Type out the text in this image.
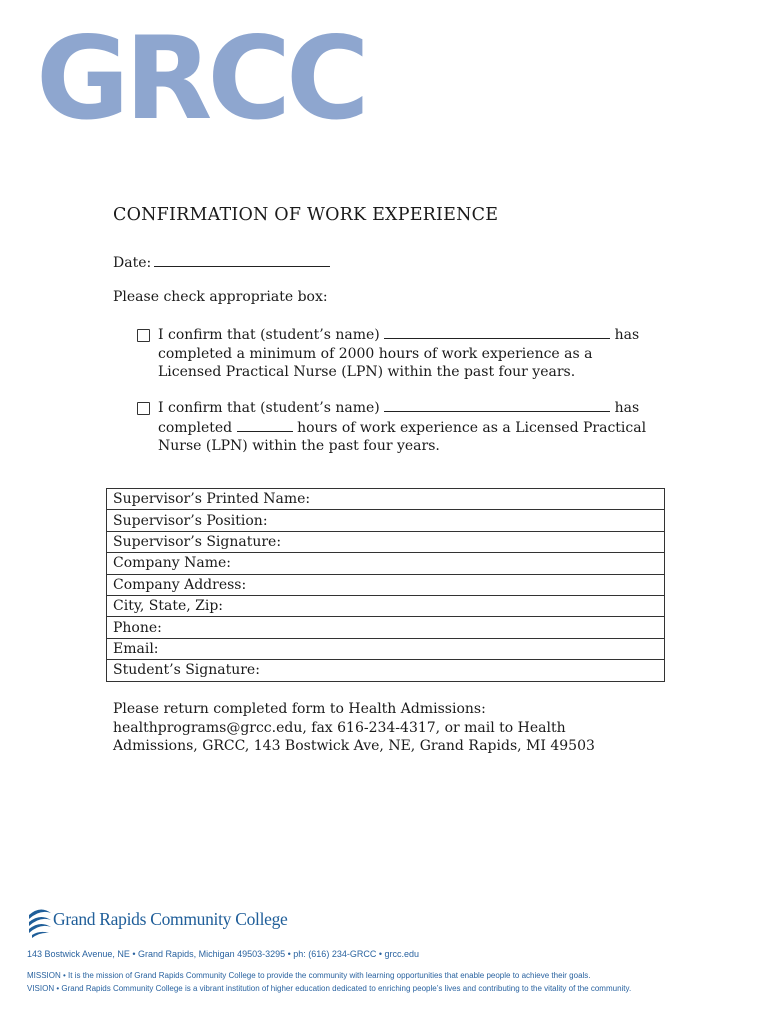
GRCC
CONFIRMATION OF WORK EXPERIENCE
Date:
Please check appropriate box:
I confirm that (student’s name)	has completed a minimum of 2000 hours of work experience as a Licensed Practical Nurse (LPN) within the past four years.
I confirm that (student’s name)	has completed	hours of work experience as a Licensed Practical Nurse (LPN) within the past four years.
Supervisor’s Printed Name:
Supervisor’s Position:
Supervisor’s Signature:
Company Name:
Company Address:
City, State, Zip:
Phone:
Email:
Student’s Signature:
Please return completed form to Health Admissions: healthprograms@grcc.edu, fax 616-234-4317, or mail to Health Admissions, GRCC, 143 Bostwick Ave, NE, Grand Rapids, MI 49503
Grand Rapids Community College
143 Bostwick Avenue, NE • Grand Rapids, Michigan 49503-3295 • ph: (616) 234-GRCC • grcc.edu
MISSION • It is the mission of Grand Rapids Community College to provide the community with learning opportunities that enable people to achieve their goals.
VISION • Grand Rapids Community College is a vibrant institution of higher education dedicated to enriching people’s lives and contributing to the vitality of the community.
